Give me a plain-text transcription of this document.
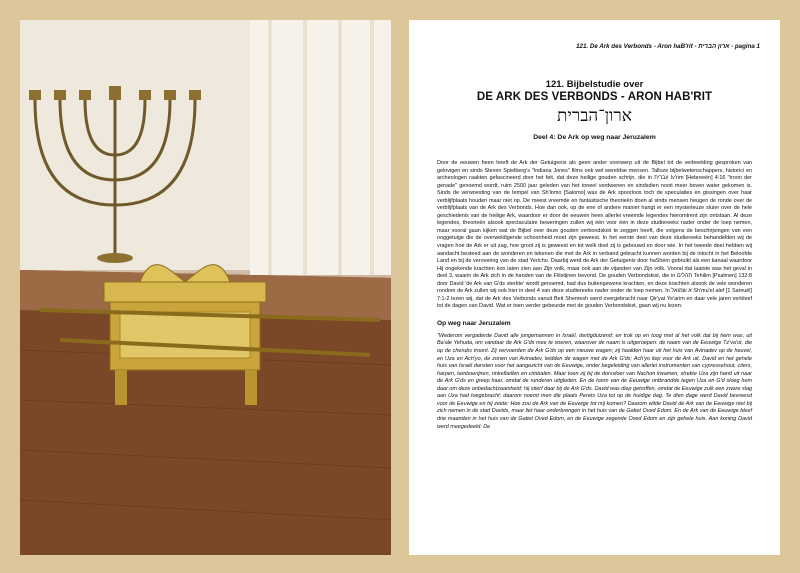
121. De Ark des Verbonds - Aron haB'rit - ארון הברית - pagina 1
121. Bijbelstudie over
DE ARK DES VERBONDS - ARON HAB'RIT
ארון־הברית
Deel 4: De Ark op weg naar Jeruzalem
Door de eeuwen heen heeft de Ark der Getuigenis als geen ander voorwerp uit de Bijbel tot de verbeelding gesproken van gelovigen en sinds Steven Spielberg's "Indiana Jones" films ook wel wereldse mensen. Talloze bijbelwetenschappers, historici en archeologen raakten gefascineerd door het feit, dat deze heilige gouden schrijn, die in עברית Iv'rim [Hebreeën] 4:16 "troon der genade" genoemd wordt, ruim 2500 jaar geleden van het toneel verdwenen en sindsdien nooit meer boven water gekomen is. Sinds de verwoesting van de tempel van Sh'lomo [Salomo] was de Ark spoorloos toch de speculaties en gissingen over haar verblijfplaats houden maar niet op. De meest vreemde en fantastische theorieën doen al sinds mensen heugen de ronde over de verblijfplaats van de Ark des Verbonds. Hoe dan ook, op de ene of andere manier hangt er een mysterieuze sluier over de hele geschiedenis van de heilige Ark, waardoor er door de eeuwen heen allerlei vreemde legendes hieromtrent zijn ontstaan. Al deze legendes, theorieën alsook spectaculaire beweringen zullen wij één voor één in deze studiereeks nader onder de loep nemen, maar vooral gaan kijken wat de Bijbel over deze gouden verbondskist te zeggen heeft, die volgens de beschrijvingen van een ooggetuige die de overweldigende schoonheid moet zijn geweest. In het eerste deel van deze studiereeks behandelden wij de vragen hoe de Ark er uit zag, hoe groot zij is geweest en tot welk doel zij is gebouwd en door wie. In het tweede deel hebben wij aandacht besteed aan de wonderen en tekenen die met de Ark in verband gebracht kunnen worden bij de intocht in het Beloofde Land en bij de verovering van de stad Yericho. Daarbij werd de Ark der Getuigenis door haShem gebruikt als een kanaal waardoor Hij ongekende krachten kon laten zien aan Zijn volk, maar ook aan de vijanden van Zijn volk. Vooral dat laatste was het geval in deel 3, waarin de Ark zich in de handen van de Filistijnen bevond. De gouden Verbondskist, die in תהלים Tehilim [Psalmen] 132:8 door David 'de Ark van G'ds sterkte' wordt genoemd, had dus buitengewone krachten, en deze krachten alsook de vele wonderen rondom de Ark zullen wij ook hier in deel 4 van deze studiereeks nader onder de loep nemen. In א שמואל Sh'mu'el alef [1 Samuël] 7:1-2 lezen wij, dat de Ark des Verbonds vanuit Beit Shemesh werd overgebracht naar Qir'yat Ye'arim en daar vele jaren verbleef tot de dagen van David. Wat er toen verder gebeurde met de gouden Verbondskist, gaan wij nu lezen:
Op weg naar Jeruzalem
"Wederom vergaderde David alle jongemannen in Israël, dertigduizend; en trok op en toog met al het volk dat bij hem was, uit Ba'ale Yehuda, om vandaar de Ark G'ds mee te voeren, waarover de naam is uitgeroepen: de naam van de Eeuwige Tz'va'ot, die op de cherubs troont. Zij vervoerden de Ark G'ds op een nieuwe wagen; zij haalden haar uit het huis van Avinadev op de heuvel, en Uza en Ach'yo, de zonen van Avinadev, leidden de wagen met de Ark G'ds; Ach'yo liep voor de Ark uit. David en het gehele huis van Israël dansten voor het aangezicht van de Eeuwige, onder begeleiding van allerlei instrumenten van cypressehout, citers, harpen, tamboerijnen, rinkelbellen en cimbalen. Maar toen zij bij de dorsvloer van Nachon kwamen, strekte Uza zijn hand uit naar de Ark G'ds en greep haar, omdat de runderen uitgleden. En de toorn van de Eeuwige ontbrandde tegen Uza en G'd sloeg hem daar om deze onbedachtzaamheid; hij stierf daar bij de Ark G'ds. David was diep getroffen, omdat de Eeuwige zulk een zware slag aan Uza had toegebracht; daarom noemt men die plaats Perets Uza tot op de huidige dag. Te dien dage werd David bevreesd voor de Eeuwige en hij zeide: Hoe zou de Ark van de Eeuwige tot mij komen? Daarom wilde David de Ark van de Eeuwige niet bij zich nemen in de stad Davids, maar liet haar onderbrengen in het huis van de Gatiet Oved Edom. En de Ark van de Eeuwige bleef drie maanden in het huis van de Gatiet Oved Edom, en de Eeuwige zegende Oved Edom en zijn gehele huis. Aan koning David werd meegedeeld: De
